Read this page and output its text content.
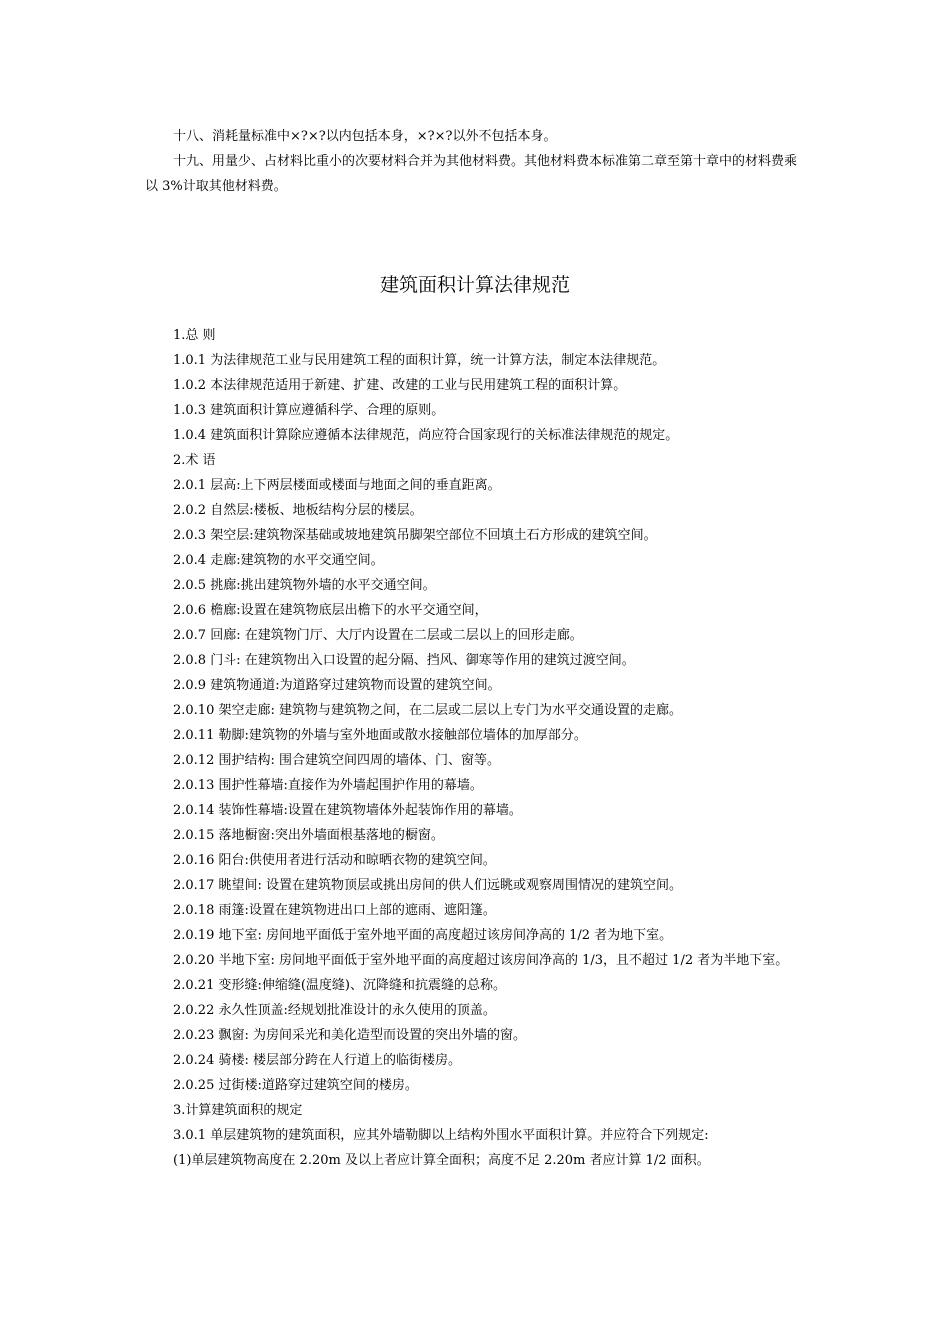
十八、消耗量标准中×?×?以内包括本身，×?×?以外不包括本身。

十九、用量少、占材料比重小的次要材料合并为其他材料费。其他材料费本标准第二章至第十章中的材料费乘以 3%计取其他材料费。

建筑面积计算法律规范

1.总 则

1.0.1 为法律规范工业与民用建筑工程的面积计算，统一计算方法，制定本法律规范。

1.0.2 本法律规范适用于新建、扩建、改建的工业与民用建筑工程的面积计算。

1.0.3 建筑面积计算应遵循科学、合理的原则。

1.0.4 建筑面积计算除应遵循本法律规范，尚应符合国家现行的关标准法律规范的规定。

2.术 语

2.0.1 层高:上下两层楼面或楼面与地面之间的垂直距离。

2.0.2 自然层:楼板、地板结构分层的楼层。

2.0.3 架空层:建筑物深基础或坡地建筑吊脚架空部位不回填土石方形成的建筑空间。

2.0.4 走廊:建筑物的水平交通空间。

2.0.5 挑廊:挑出建筑物外墙的水平交通空间。

2.0.6 檐廊:设置在建筑物底层出檐下的水平交通空间，

2.0.7 回廊: 在建筑物门厅、大厅内设置在二层或二层以上的回形走廊。

2.0.8 门斗: 在建筑物出入口设置的起分隔、挡风、御寒等作用的建筑过渡空间。

2.0.9 建筑物通道:为道路穿过建筑物而设置的建筑空间。

2.0.10 架空走廊: 建筑物与建筑物之间，在二层或二层以上专门为水平交通设置的走廊。

2.0.11 勒脚:建筑物的外墙与室外地面或散水接触部位墙体的加厚部分。

2.0.12 围护结构: 围合建筑空间四周的墙体、门、窗等。

2.0.13 围护性幕墙:直接作为外墙起围护作用的幕墙。

2.0.14 装饰性幕墙:设置在建筑物墙体外起装饰作用的幕墙。

2.0.15 落地橱窗:突出外墙面根基落地的橱窗。

2.0.16 阳台:供使用者进行活动和晾晒衣物的建筑空间。

2.0.17 眺望间: 设置在建筑物顶层或挑出房间的供人们远眺或观察周围情况的建筑空间。

2.0.18 雨篷:设置在建筑物进出口上部的遮雨、遮阳篷。

2.0.19 地下室: 房间地平面低于室外地平面的高度超过该房间净高的 1/2 者为地下室。

2.0.20 半地下室: 房间地平面低于室外地平面的高度超过该房间净高的 1/3，且不超过 1/2 者为半地下室。

2.0.21 变形缝:伸缩缝(温度缝)、沉降缝和抗震缝的总称。

2.0.22 永久性顶盖:经规划批准设计的永久使用的顶盖。

2.0.23 飘窗: 为房间采光和美化造型而设置的突出外墙的窗。

2.0.24 骑楼: 楼层部分跨在人行道上的临街楼房。

2.0.25 过街楼:道路穿过建筑空间的楼房。

3.计算建筑面积的规定

3.0.1 单层建筑物的建筑面积，应其外墙勒脚以上结构外围水平面积计算。并应符合下列规定:

(1)单层建筑物高度在 2.20m 及以上者应计算全面积；高度不足 2.20m 者应计算 1/2 面积。
